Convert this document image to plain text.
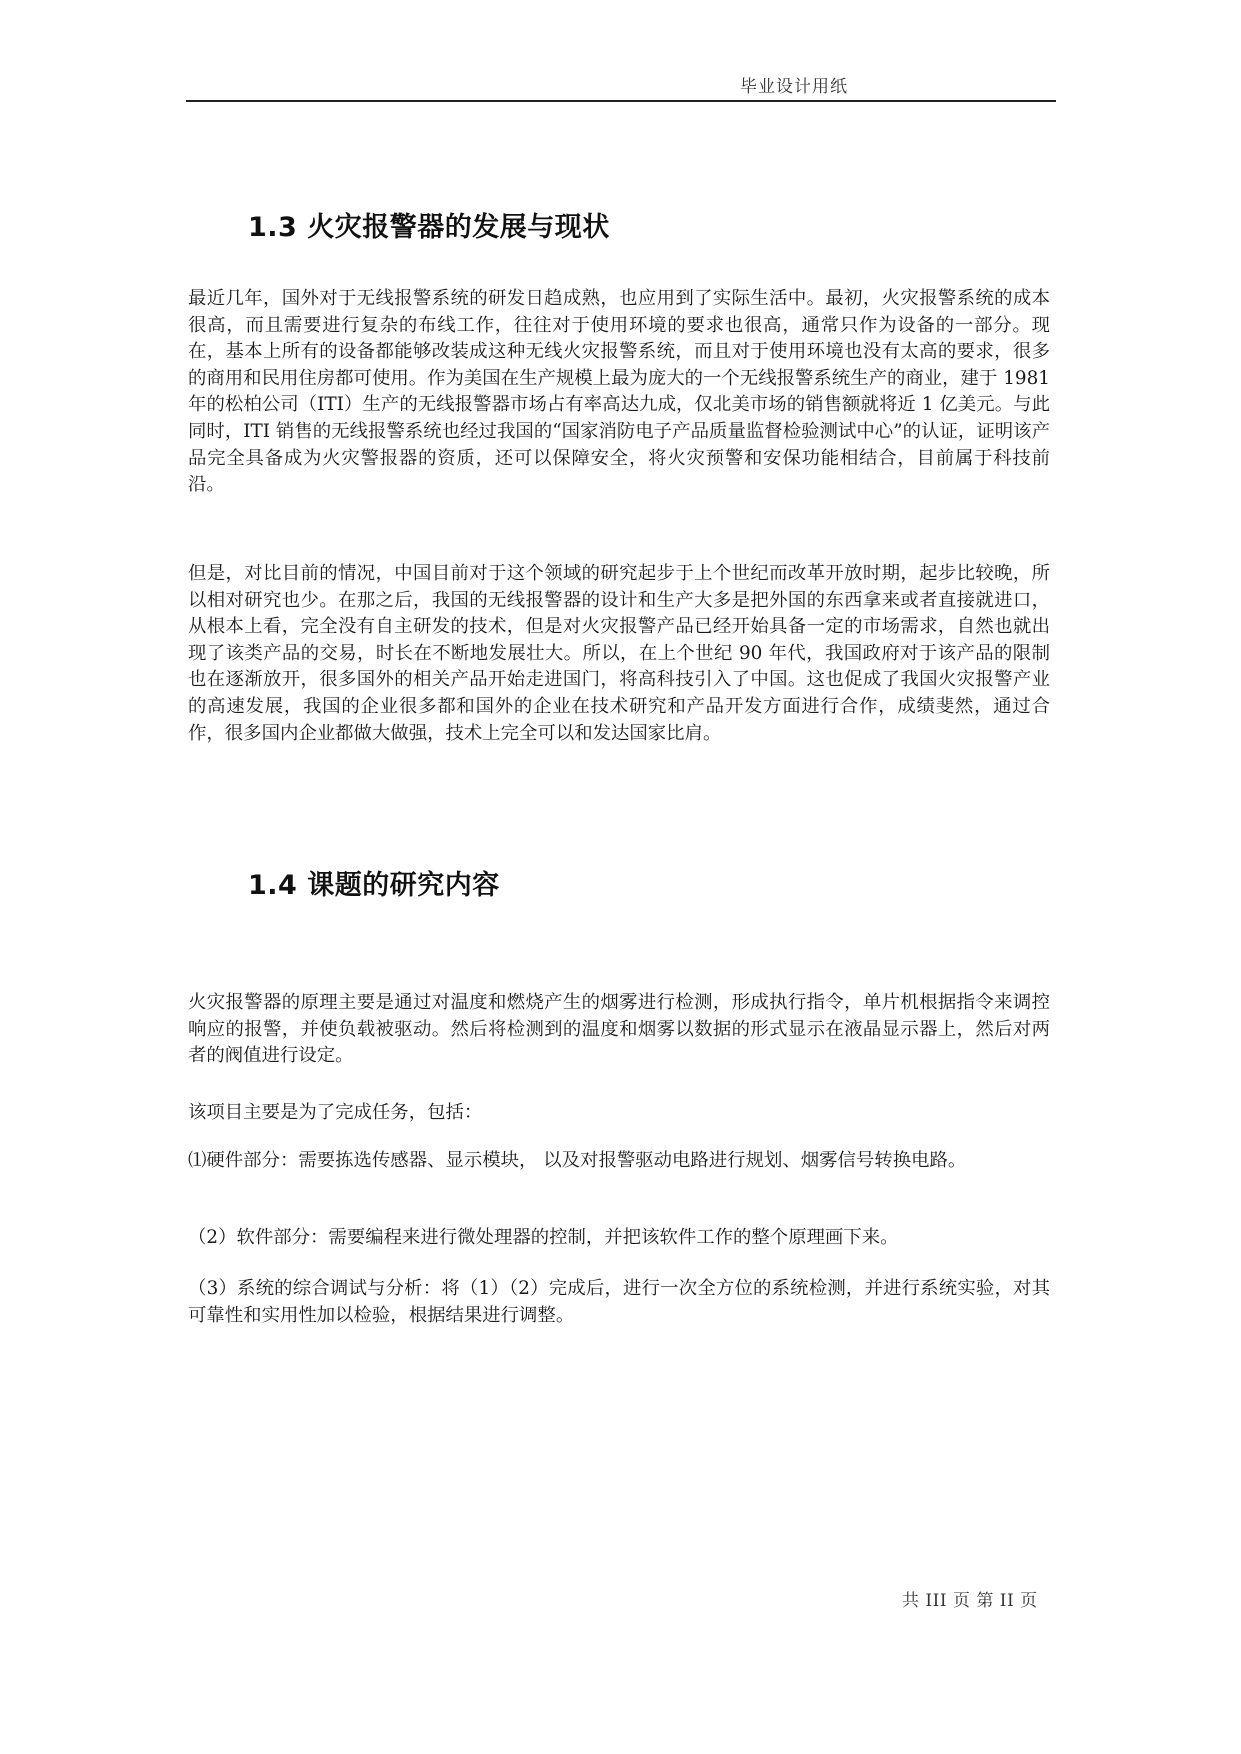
毕业设计用纸
1.3 火灾报警器的发展与现状

最近几年，国外对于无线报警系统的研发日趋成熟，也应用到了实际生活中。最初，火灾报警系统的成本很高，而且需要进行复杂的布线工作，往往对于使用环境的要求也很高，通常只作为设备的一部分。现在，基本上所有的设备都能够改装成这种无线火灾报警系统，而且对于使用环境也没有太高的要求，很多的商用和民用住房都可使用。作为美国在生产规模上最为庞大的一个无线报警系统生产的商业，建于 1981 年的松柏公司（ITI）生产的无线报警器市场占有率高达九成，仅北美市场的销售额就将近 1 亿美元。与此同时，ITI 销售的无线报警系统也经过我国的“国家消防电子产品质量监督检验测试中心”的认证，证明该产品完全具备成为火灾警报器的资质，还可以保障安全，将火灾预警和安保功能相结合，目前属于科技前沿。

但是，对比目前的情况，中国目前对于这个领域的研究起步于上个世纪而改革开放时期，起步比较晚，所以相对研究也少。在那之后，我国的无线报警器的设计和生产大多是把外国的东西拿来或者直接就进口，从根本上看，完全没有自主研发的技术，但是对火灾报警产品已经开始具备一定的市场需求，自然也就出现了该类产品的交易，时长在不断地发展壮大。所以，在上个世纪 90 年代，我国政府对于该产品的限制也在逐渐放开，很多国外的相关产品开始走进国门，将高科技引入了中国。这也促成了我国火灾报警产业的高速发展，我国的企业很多都和国外的企业在技术研究和产品开发方面进行合作，成绩斐然，通过合作，很多国内企业都做大做强，技术上完全可以和发达国家比肩。

1.4 课题的研究内容

火灾报警器的原理主要是通过对温度和燃烧产生的烟雾进行检测，形成执行指令，单片机根据指令来调控响应的报警，并使负载被驱动。然后将检测到的温度和烟雾以数据的形式显示在液晶显示器上，然后对两者的阀值进行设定。

该项目主要是为了完成任务，包括：

⑴硬件部分：需要拣选传感器、显示模块， 以及对报警驱动电路进行规划、烟雾信号转换电路。

（2）软件部分：需要编程来进行微处理器的控制，并把该软件工作的整个原理画下来。

（3）系统的综合调试与分析：将（1）（2）完成后，进行一次全方位的系统检测，并进行系统实验，对其可靠性和实用性加以检验，根据结果进行调整。

共 III 页 第 II 页
